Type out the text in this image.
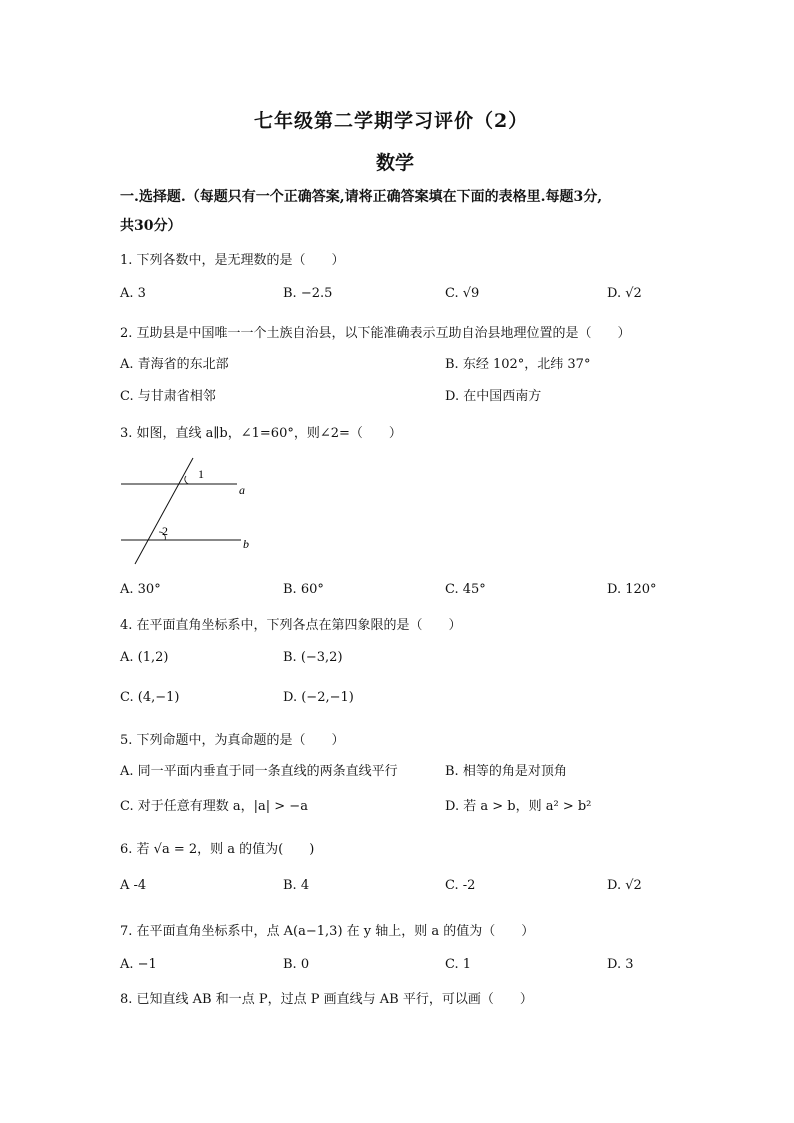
七年级第二学期学习评价（2）
数学
一.选择题.（每题只有一个正确答案,请将正确答案填在下面的表格里.每题3分,
共30分）
1. 下列各数中，是无理数的是（　　）
A. 3	B. −2.5	C. √9	D. √2
2. 互助县是中国唯一一个土族自治县，以下能准确表示互助自治县地理位置的是（　　）
A. 青海省的东北部	B. 东经 102°，北纬 37°
C. 与甘肃省相邻	D. 在中国西南方
3. 如图，直线 a∥b，∠1=60°，则∠2=（　　）
1
2
a
b
A. 30°	B. 60°	C. 45°	D. 120°
4. 在平面直角坐标系中，下列各点在第四象限的是（　　）
A. (1,2)	B. (−3,2)
C. (4,−1)	D. (−2,−1)
5. 下列命题中，为真命题的是（　　）
A. 同一平面内垂直于同一条直线的两条直线平行	B. 相等的角是对顶角
C. 对于任意有理数 a，|a| > −a	D. 若 a > b，则 a² > b²
6. 若 √a = 2，则 a 的值为(　　)
A -4	B. 4	C. -2	D. √2
7. 在平面直角坐标系中，点 A(a−1,3) 在 y 轴上，则 a 的值为（　　）
A. −1	B. 0	C. 1	D. 3
8. 已知直线 AB 和一点 P，过点 P 画直线与 AB 平行，可以画（　　）
